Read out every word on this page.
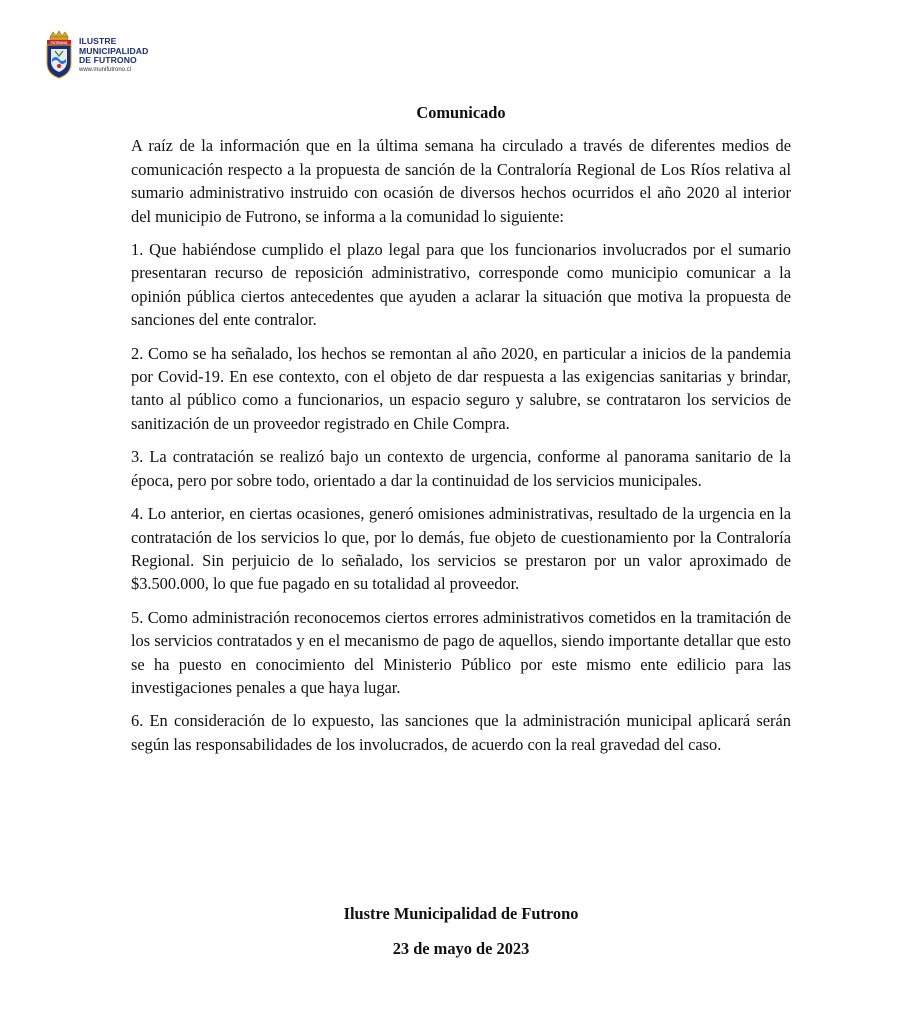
FUTRONO ILUSTRE
MUNICIPALIDAD
DE FUTRONO
www.munifutrono.cl
Comunicado

A raíz de la información que en la última semana ha circulado a través de diferentes medios de comunicación respecto a la propuesta de sanción de la Contraloría Regional de Los Ríos relativa al sumario administrativo instruido con ocasión de diversos hechos ocurridos el año 2020 al interior del municipio de Futrono, se informa a la comunidad lo siguiente:

1. Que habiéndose cumplido el plazo legal para que los funcionarios involucrados por el sumario presentaran recurso de reposición administrativo, corresponde como municipio comunicar a la opinión pública ciertos antecedentes que ayuden a aclarar la situación que motiva la propuesta de sanciones del ente contralor.

2. Como se ha señalado, los hechos se remontan al año 2020, en particular a inicios de la pandemia por Covid-19. En ese contexto, con el objeto de dar respuesta a las exigencias sanitarias y brindar, tanto al público como a funcionarios, un espacio seguro y salubre, se contrataron los servicios de sanitización de un proveedor registrado en Chile Compra.

3. La contratación se realizó bajo un contexto de urgencia, conforme al panorama sanitario de la época, pero por sobre todo, orientado a dar la continuidad de los servicios municipales.

4. Lo anterior, en ciertas ocasiones, generó omisiones administrativas, resultado de la urgencia en la contratación de los servicios lo que, por lo demás, fue objeto de cuestionamiento por la Contraloría Regional. Sin perjuicio de lo señalado, los servicios se prestaron por un valor aproximado de $3.500.000, lo que fue pagado en su totalidad al proveedor.

5. Como administración reconocemos ciertos errores administrativos cometidos en la tramitación de los servicios contratados y en el mecanismo de pago de aquellos, siendo importante detallar que esto se ha puesto en conocimiento del Ministerio Público por este mismo ente edilicio para las investigaciones penales a que haya lugar.

6. En consideración de lo expuesto, las sanciones que la administración municipal aplicará serán según las responsabilidades de los involucrados, de acuerdo con la real gravedad del caso.

Ilustre Municipalidad de Futrono
23 de mayo de 2023
